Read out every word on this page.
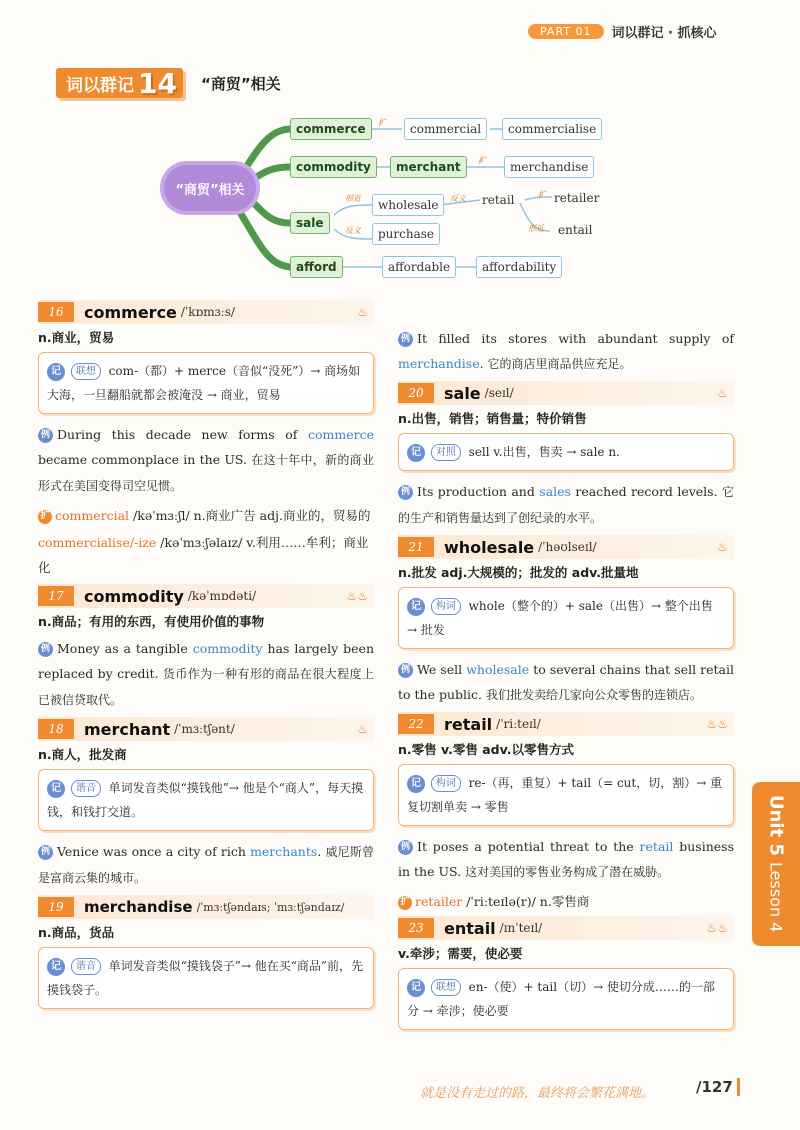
PART 01	词以群记 · 抓核心
词以群记 14 “商贸”相关
“商贸”相关
commerce	扩	commercial	commercialise
commodity	merchant	扩	merchandise
sale
形近	wholesale	反义 retail	扩 retailer
形近 entail
反义	purchase
afford	affordable	affordability
16	commerce /ˈkɒmɜːs/	♨
n.商业，贸易
记 联想 com-（都）+ merce（音似“没死”）→ 商场如大海，一旦翻船就都会被淹没 → 商业，贸易
例 During this decade new forms of commerce became commonplace in the US. 在这十年中，新的商业形式在美国变得司空见惯。
扩 commercial /kəˈmɜːʃl/ n.商业广告 adj.商业的，贸易的
commercialise/-ize /kəˈmɜːʃəlaɪz/ v.利用……牟利；商业化
17	commodity /kəˈmɒdəti/	♨♨
n.商品；有用的东西，有使用价值的事物
例 Money as a tangible commodity has largely been replaced by credit. 货币作为一种有形的商品在很大程度上已被信贷取代。
18	merchant /ˈmɜːtʃənt/	♨
n.商人，批发商
记 谐音 单词发音类似“摸钱他”→ 他是个“商人”，每天摸钱，和钱打交道。
例 Venice was once a city of rich merchants. 威尼斯曾是富商云集的城市。
19	merchandise /ˈmɜːtʃəndaɪs; ˈmɜːtʃəndaɪz/
n.商品，货品
记 谐音 单词发音类似“摸钱袋子”→ 他在买“商品”前，先摸钱袋子。
例 It filled its stores with abundant supply of merchandise. 它的商店里商品供应充足。
20	sale /seɪl/	♨
n.出售，销售；销售量；特价销售
记 对照 sell v.出售，售卖 → sale n.
例 Its production and sales reached record levels. 它的生产和销售量达到了创纪录的水平。
21	wholesale /ˈhəʊlseɪl/	♨
n.批发 adj.大规模的；批发的 adv.批量地
记 构词 whole（整个的）+ sale（出售）→ 整个出售 → 批发
例 We sell wholesale to several chains that sell retail to the public. 我们批发卖给几家向公众零售的连锁店。
22	retail /ˈriːteɪl/	♨♨
n.零售 v.零售 adv.以零售方式
记 构词 re-（再，重复）+ tail（= cut，切，割）→ 重复切割单卖 → 零售
例 It poses a potential threat to the retail business in the US. 这对美国的零售业务构成了潜在威胁。
扩 retailer /ˈriːteɪlə(r)/ n.零售商
23	entail /ɪnˈteɪl/	♨♨
v.牵涉；需要，使必要
记 联想 en-（使）+ tail（切）→ 使切分成……的一部分 → 牵涉；使必要
Unit 5
Lesson 4
就是没有走过的路，最终将会繁花满地。	/127
